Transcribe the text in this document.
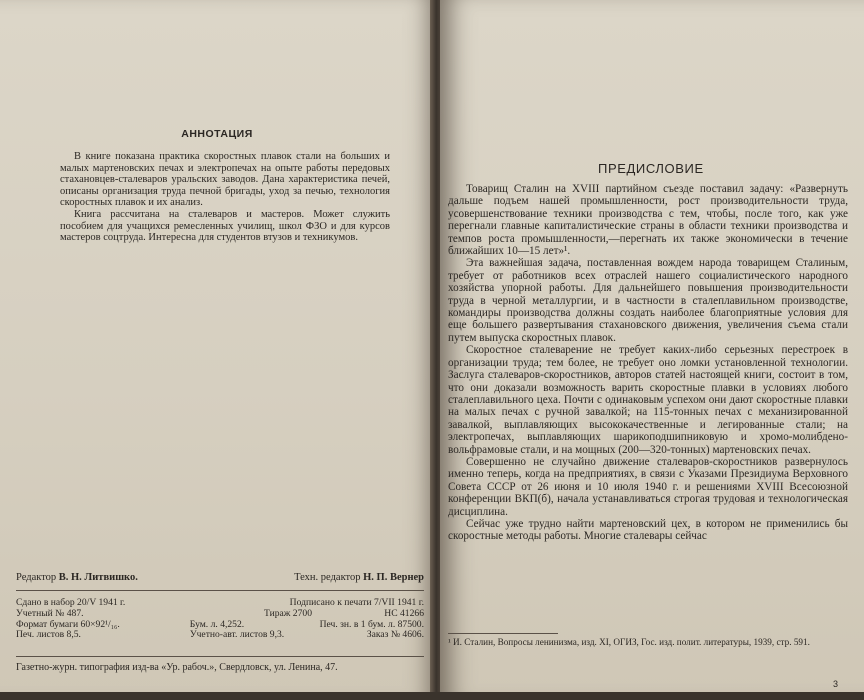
АННОТАЦИЯ

В книге показана практика скоростных плавок стали на больших и малых мартеновских печах и электропечах на опыте работы передовых стахановцев-сталеваров уральских заводов. Дана характеристика печей, описаны организация труда печной бригады, уход за печью, технология скоростных плавок и их анализ.

Книга рассчитана на сталеваров и мастеров. Может служить пособием для учащихся ремесленных училищ, школ ФЗО и для курсов мастеров соцтруда. Интересна для студентов втузов и техникумов.

Редактор В. Н. Литвишко.	Техн. редактор Н. П. Вернер
Сдано в набор 20/V 1941 г.	Подписано к печати 7/VII 1941 г.
Учетный № 487.	Тираж 2700	НС 41266
Формат бумаги 60×92¹/₁₆.	Бум. л. 4,252.	Печ. зн. в 1 бум. л. 87500.
Печ. листов 8,5.	Учетно-авт. листов 9,3.	Заказ № 4606.
Газетно-журн. типография изд-ва «Ур. рабоч.», Свердловск, ул. Ленина, 47.
ПРЕДИСЛОВИЕ

Товарищ Сталин на XVIII партийном съезде поставил задачу: «Развернуть дальше подъем нашей промышленности, рост производительности труда, усовершенствование техники производства с тем, чтобы, после того, как уже перегнали главные капиталистические страны в области техники производства и темпов роста промышленности,—перегнать их также экономически в течение ближайших 10—15 лет»¹.

Эта важнейшая задача, поставленная вождем народа товарищем Сталиным, требует от работников всех отраслей нашего социалистического народного хозяйства упорной работы. Для дальнейшего повышения производительности труда в черной металлургии, и в частности в сталеплавильном производстве, командиры производства должны создать наиболее благоприятные условия для еще большего развертывания стахановского движения, увеличения съема стали путем выпуска скоростных плавок.

Скоростное сталеварение не требует каких-либо серьезных перестроек в организации труда; тем более, не требует оно ломки установленной технологии. Заслуга сталеваров-скоростников, авторов статей настоящей книги, состоит в том, что они доказали возможность варить скоростные плавки в условиях любого сталеплавильного цеха. Почти с одинаковым успехом они дают скоростные плавки на малых печах с ручной завалкой; на 115-тонных печах с механизированной завалкой, выплавляющих высококачественные и легированные стали; на электропечах, выплавляющих шарикоподшипниковую и хромо-молибдено-вольфрамовые стали, и на мощных (200—320-тонных) мартеновских печах.

Совершенно не случайно движение сталеваров-скоростников развернулось именно теперь, когда на предприятиях, в связи с Указами Президиума Верховного Совета СССР от 26 июня и 10 июля 1940 г. и решениями XVIII Всесоюзной конференции ВКП(б), начала устанавливаться строгая трудовая и технологическая дисциплина.

Сейчас уже трудно найти мартеновский цех, в котором не применились бы скоростные методы работы. Многие сталевары сейчас

¹ И. Сталин, Вопросы ленинизма, изд. XI, ОГИЗ, Гос. изд. полит. литературы, 1939, стр. 591.
3
